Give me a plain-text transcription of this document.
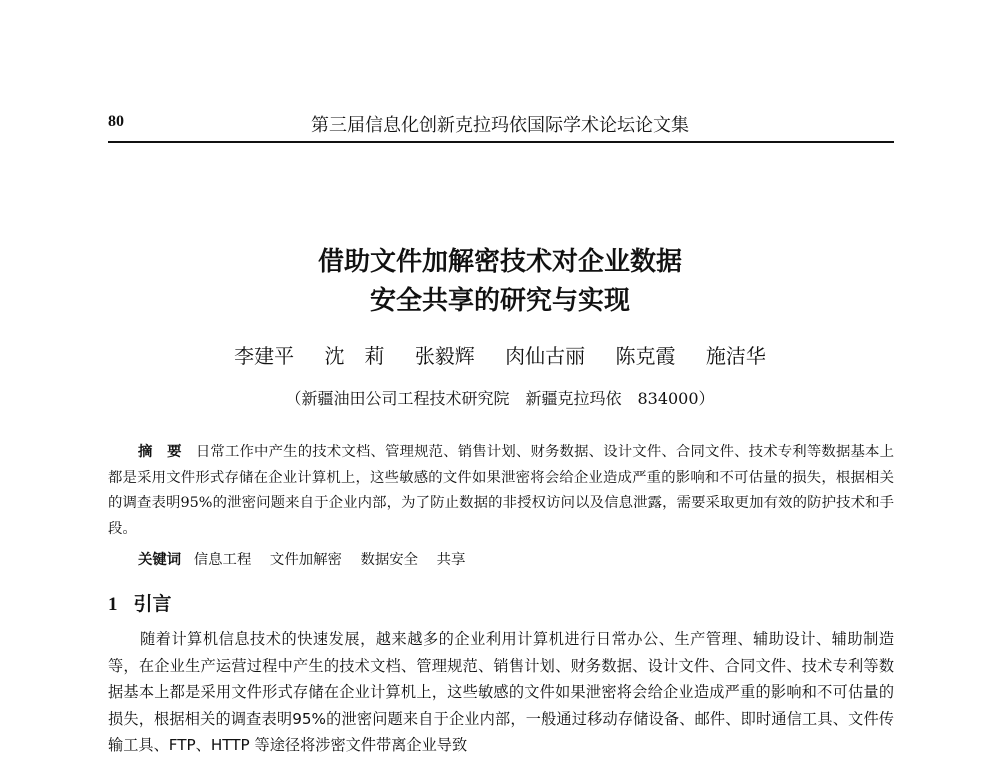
80	第三届信息化创新克拉玛依国际学术论坛论文集
借助文件加解密技术对企业数据
安全共享的研究与实现
李建平 沈　莉 张毅辉 肉仙古丽 陈克霞 施洁华
（新疆油田公司工程技术研究院　新疆克拉玛依　834000）

摘　要 日常工作中产生的技术文档、管理规范、销售计划、财务数据、设计文件、合同文件、技术专利等数据基本上都是采用文件形式存储在企业计算机上，这些敏感的文件如果泄密将会给企业造成严重的影响和不可估量的损失，根据相关的调查表明95%的泄密问题来自于企业内部，为了防止数据的非授权访问以及信息泄露，需要采取更加有效的防护技术和手段。

关键词 信息工程 文件加解密 数据安全 共享
1 引言

随着计算机信息技术的快速发展，越来越多的企业利用计算机进行日常办公、生产管理、辅助设计、辅助制造等，在企业生产运营过程中产生的技术文档、管理规范、销售计划、财务数据、设计文件、合同文件、技术专利等数据基本上都是采用文件形式存储在企业计算机上，这些敏感的文件如果泄密将会给企业造成严重的影响和不可估量的损失，根据相关的调查表明95%的泄密问题来自于企业内部，一般通过移动存储设备、邮件、即时通信工具、文件传输工具、FTP、HTTP 等途径将涉密文件带离企业导致
